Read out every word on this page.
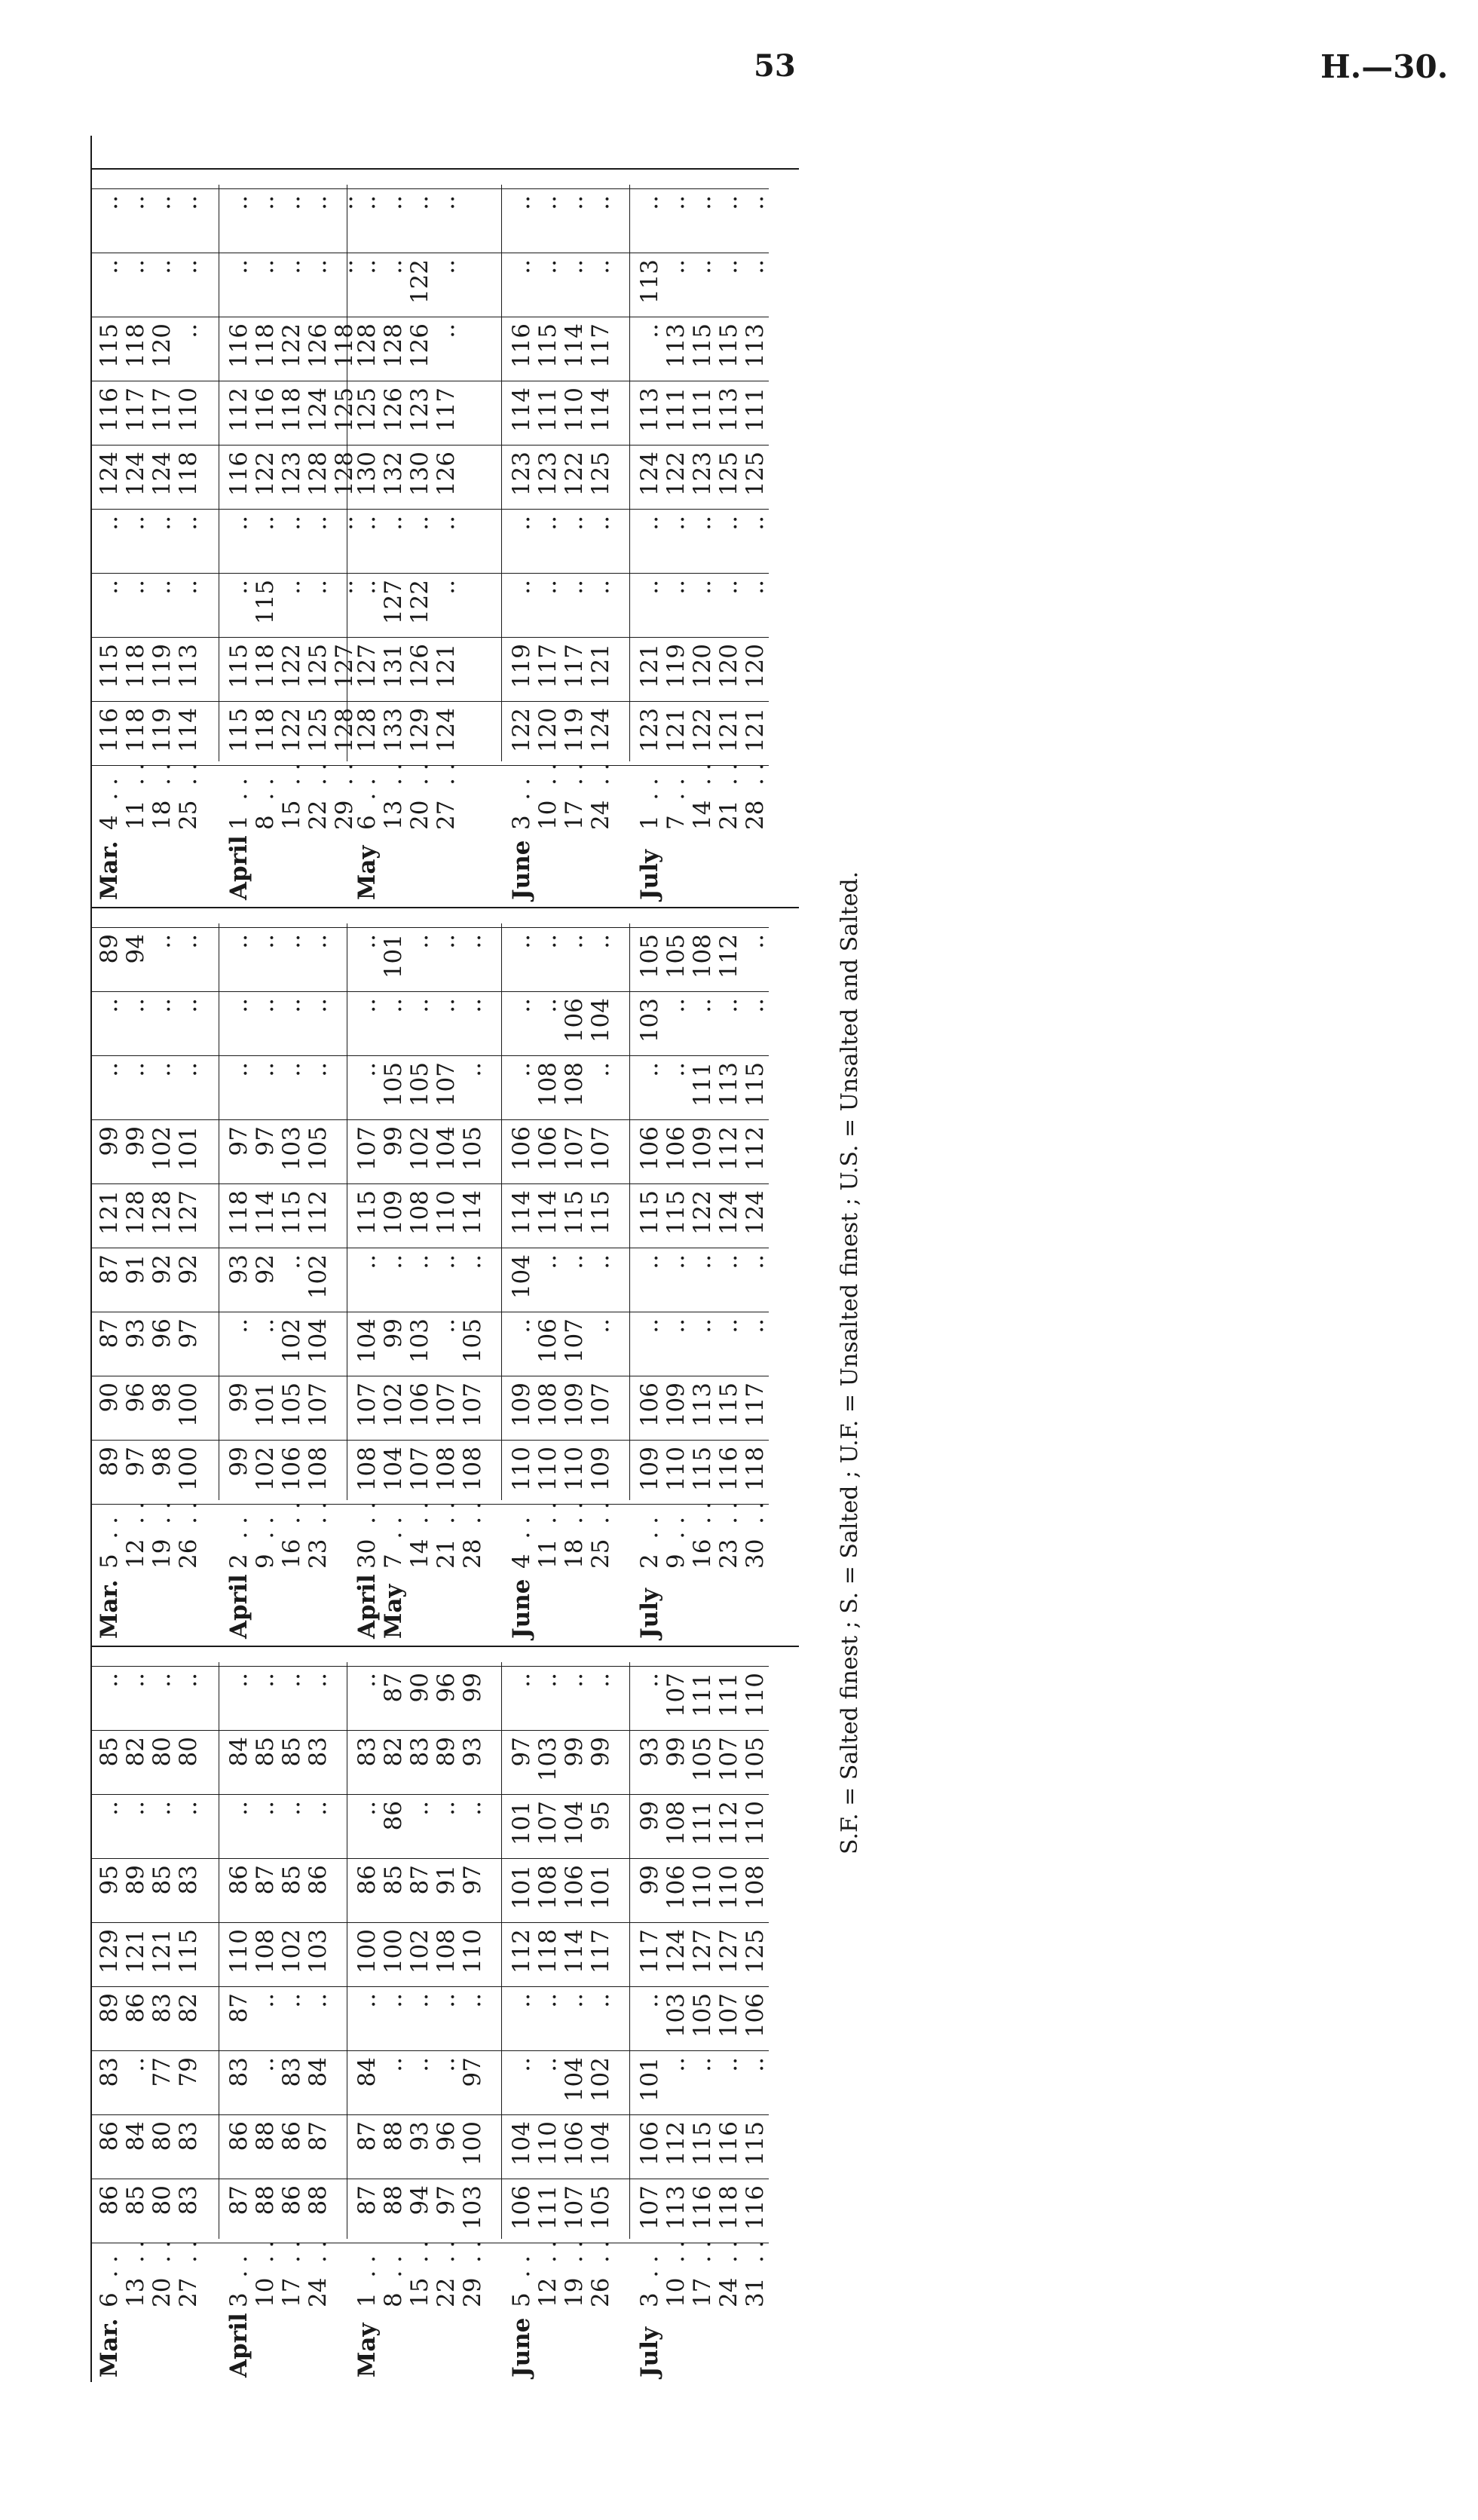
53	H.—30.
Mar.
6  . . 13  . . 20  . . 27  . .
86 85 80 83
86 84 80 83
83 .. 77 79
89 86 83 82
129 121 121 115
95 89 85 83
.. .. .. ..
85 82 80 80
.. .. .. ..
April
3  . . 10  . . 17  . . 24  . .
87 88 86 88
86 88 86 87
83 .. 83 84
87 .. .. ..
110 108 102 103
86 87 85 86
.. .. .. ..
84 85 85 83
.. .. .. ..
May
1  . . 8  . . 15  . . 22  . . 29  . .
87 88 94 97 103
87 88 93 96 100
84 .. .. .. 97
.. .. .. .. ..
100 100 102 108 110
86 85 87 91 97
.. 86 .. .. ..
83 82 83 89 93
.. 87 90 96 99
June
5  . . 12  . . 19  . . 26  . .
106 111 107 105
104 110 106 104
.. .. 104 102
.. .. .. ..
112 118 114 117
101 108 106 101
101 107 104 95
97 103 99 99
.. .. .. ..
July
3  . . 10  . . 17  . . 24  . . 31  . .
107 113 116 118 116
106 112 115 116 115
101 .. .. .. ..
.. 103 105 107 106
117 124 127 127 125
99 106 110 110 108
99 108 111 112 110
93 99 105 107 105
.. 107 111 111 110
Mar.
5  . . 12  . . 19  . . 26  . .
89 97 98 100
90 96 98 100
87 93 96 97
87 91 92 92
121 128 128 127
99 99 102 101
.. .. .. ..
.. .. .. ..
89 94 .. ..
April
2  . . 9  . . 16  . . 23  . .
99 102 106 108
99 101 105 107
.. .. 102 104
93 92 .. 102
118 114 115 112
97 97 103 105
.. .. .. ..
.. .. .. ..
.. .. .. ..
April May
30  . . 7  . . 14  . . 21  . . 28  . .
108 104 107 108 108
107 102 106 107 107
104 99 103 .. 105
.. .. .. .. ..
115 109 108 110 114
107 99 102 104 105
.. 105 105 107 ..
.. .. .. .. ..
.. 101 .. .. ..
June
4  . . 11  . . 18  . . 25  . .
110 110 110 109
109 108 109 107
.. 106 107 ..
104 .. .. ..
114 114 115 115
106 106 107 107
.. 108 108 ..
.. .. 106 104
.. .. .. ..
July
2  . . 9  . . 16  . . 23  . . 30  . .
109 110 115 116 118
106 109 113 115 117
.. .. .. .. ..
.. .. .. .. ..
115 115 122 124 124
106 106 109 112 112
.. .. 111 113 115
103 .. .. .. ..
105 105 108 112 ..
Mar.
4  . . 11  . . 18  . . 25  . .
116 118 119 114
115 118 119 113
.. .. .. ..
.. .. .. ..
124 124 124 118
116 117 117 110
115 118 120 ..
.. .. .. ..
.. .. .. ..
April
1  . . 8  . . 15  . . 22  . . 29  . .
115 118 122 125 128
115 118 122 125 127
.. 115 .. .. ..
.. .. .. .. ..
116 122 123 128 128
112 116 118 124 125
116 118 122 126 118
.. .. .. .. ..
.. .. .. .. ..
May
6  . . 13  . . 20  . . 27  . .
128 133 129 124
127 131 126 121
.. 127 122 ..
.. .. .. ..
130 132 130 126
125 126 123 117
128 128 126 ..
.. .. 122 ..
.. .. .. ..
June
3  . . 10  . . 17  . . 24  . .
122 120 119 124
119 117 117 121
.. .. .. ..
.. .. .. ..
123 123 122 125
114 111 110 114
116 115 114 117
.. .. .. ..
.. .. .. ..
July
1  . . 7  . . 14  . . 21  . . 28  . .
123 121 122 121 121
121 119 120 120 120
.. .. .. .. ..
.. .. .. .. ..
124 122 123 125 125
113 111 111 113 111
.. 113 115 115 113
113 .. .. .. ..
.. .. .. .. ..
S.F. = Salted finest ; S. = Salted ; U.F. = Unsalted finest ; U.S. = Unsalted and Salted.
